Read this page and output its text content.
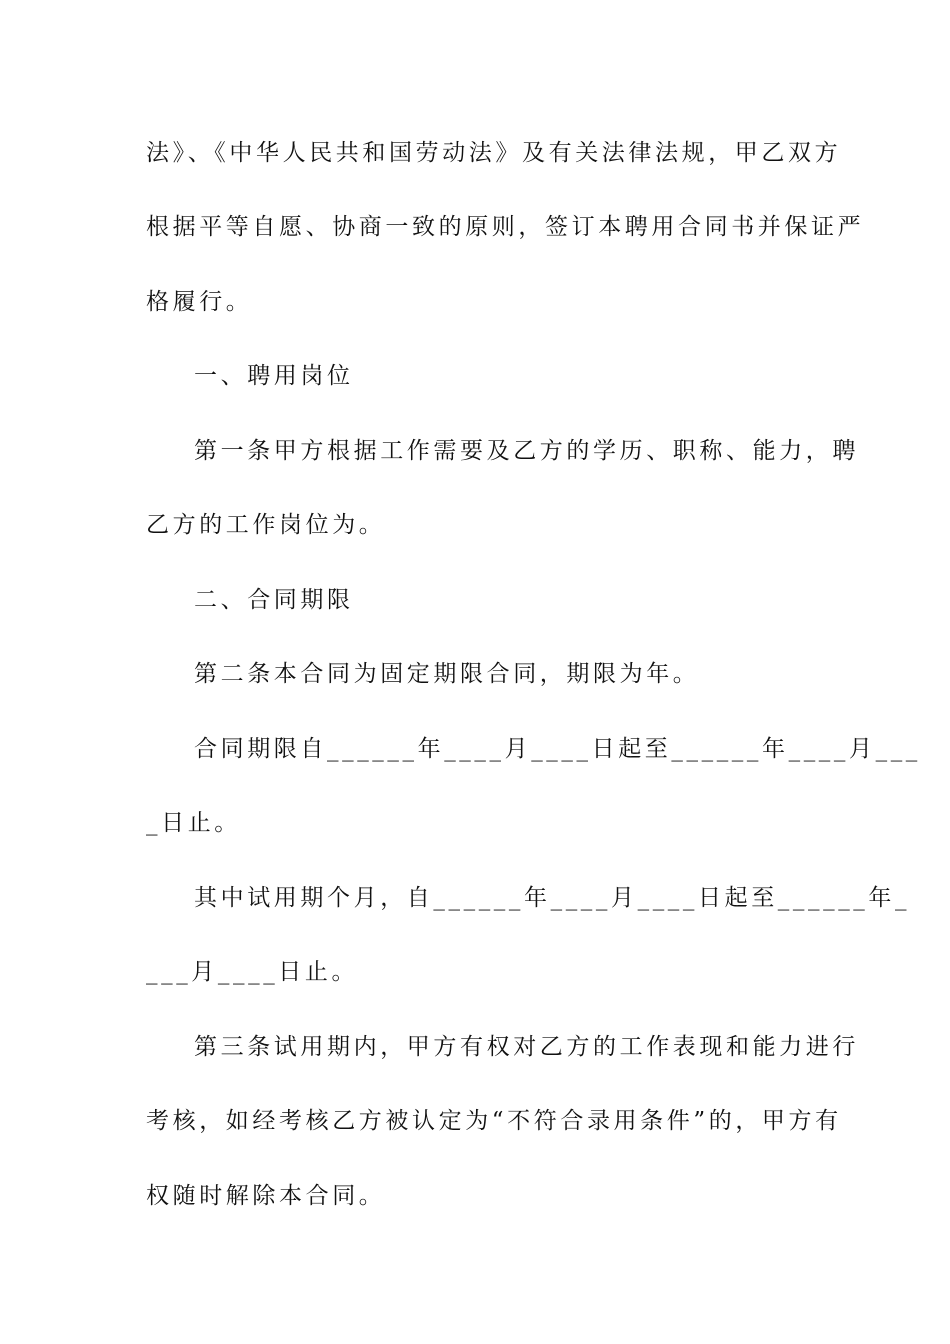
法》、《中华人民共和国劳动法》及有关法律法规，甲乙双方
根据平等自愿、协商一致的原则，签订本聘用合同书并保证严
格履行。
一、聘用岗位
第一条甲方根据工作需要及乙方的学历、职称、能力，聘
乙方的工作岗位为。
二、合同期限
第二条本合同为固定期限合同，期限为年。
合同期限自______年____月____日起至______年____月___
_日止。
其中试用期个月，自______年____月____日起至______年_
___月____日止。
第三条试用期内，甲方有权对乙方的工作表现和能力进行
考核，如经考核乙方被认定为“不符合录用条件”的，甲方有
权随时解除本合同。
